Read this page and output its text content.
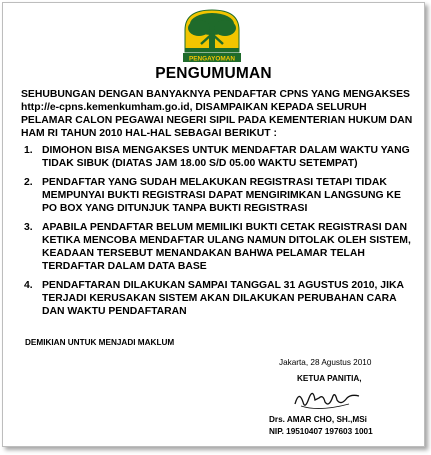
PENGAYOMAN
PENGUMUMAN

SEHUBUNGAN DENGAN BANYAKNYA PENDAFTAR CPNS YANG MENGAKSES http://e-cpns.kemenkumham.go.id, DISAMPAIKAN KEPADA SELURUH PELAMAR CALON PEGAWAI NEGERI SIPIL PADA KEMENTERIAN HUKUM DAN HAM RI TAHUN 2010 HAL-HAL SEBAGAI BERIKUT :

1. DIMOHON BISA MENGAKSES UNTUK MENDAFTAR DALAM WAKTU YANG TIDAK SIBUK (DIATAS JAM 18.00 S/D 05.00 WAKTU SETEMPAT)
2. PENDAFTAR YANG SUDAH MELAKUKAN REGISTRASI TETAPI TIDAK MEMPUNYAI BUKTI REGISTRASI DAPAT MENGIRIMKAN LANGSUNG KE PO BOX YANG DITUNJUK TANPA BUKTI REGISTRASI
3. APABILA PENDAFTAR BELUM MEMILIKI BUKTI CETAK REGISTRASI DAN KETIKA MENCOBA MENDAFTAR ULANG NAMUN DITOLAK OLEH SISTEM, KEADAAN TERSEBUT MENANDAKAN BAHWA PELAMAR TELAH TERDAFTAR DALAM DATA BASE
4. PENDAFTARAN DILAKUKAN SAMPAI TANGGAL 31 AGUSTUS 2010, JIKA TERJADI KERUSAKAN SISTEM AKAN DILAKUKAN PERUBAHAN CARA DAN WAKTU PENDAFTARAN
DEMIKIAN UNTUK MENJADI MAKLUM
Jakarta, 28 Agustus 2010
KETUA PANITIA,
Drs. AMAR CHO, SH.,MSi
NIP. 19510407 197603 1001
